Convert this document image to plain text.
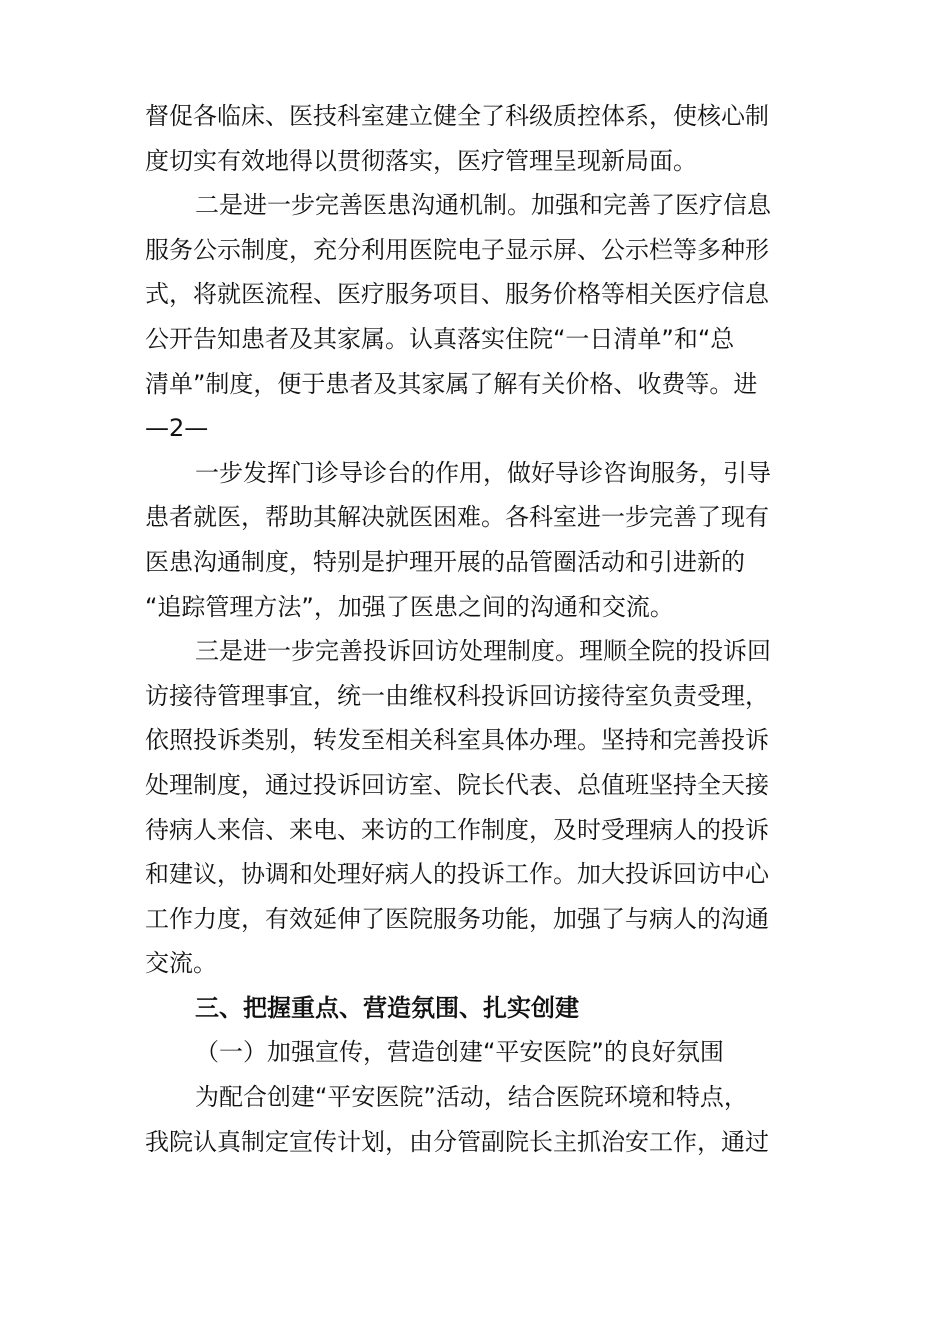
督促各临床、医技科室建立健全了科级质控体系，使核心制
度切实有效地得以贯彻落实，医疗管理呈现新局面。
二是进一步完善医患沟通机制。加强和完善了医疗信息
服务公示制度，充分利用医院电子显示屏、公示栏等多种形
式，将就医流程、医疗服务项目、服务价格等相关医疗信息
公开告知患者及其家属。认真落实住院“一日清单”和“总
清单”制度，便于患者及其家属了解有关价格、收费等。进
—2—
一步发挥门诊导诊台的作用，做好导诊咨询服务，引导
患者就医，帮助其解决就医困难。各科室进一步完善了现有
医患沟通制度，特别是护理开展的品管圈活动和引进新的
“追踪管理方法”，加强了医患之间的沟通和交流。
三是进一步完善投诉回访处理制度。理顺全院的投诉回
访接待管理事宜，统一由维权科投诉回访接待室负责受理，
依照投诉类别，转发至相关科室具体办理。坚持和完善投诉
处理制度，通过投诉回访室、院长代表、总值班坚持全天接
待病人来信、来电、来访的工作制度，及时受理病人的投诉
和建议，协调和处理好病人的投诉工作。加大投诉回访中心
工作力度，有效延伸了医院服务功能，加强了与病人的沟通
交流。
三、把握重点、营造氛围、扎实创建
（一）加强宣传，营造创建“平安医院”的良好氛围
为配合创建“平安医院”活动，结合医院环境和特点，
我院认真制定宣传计划，由分管副院长主抓治安工作，通过
